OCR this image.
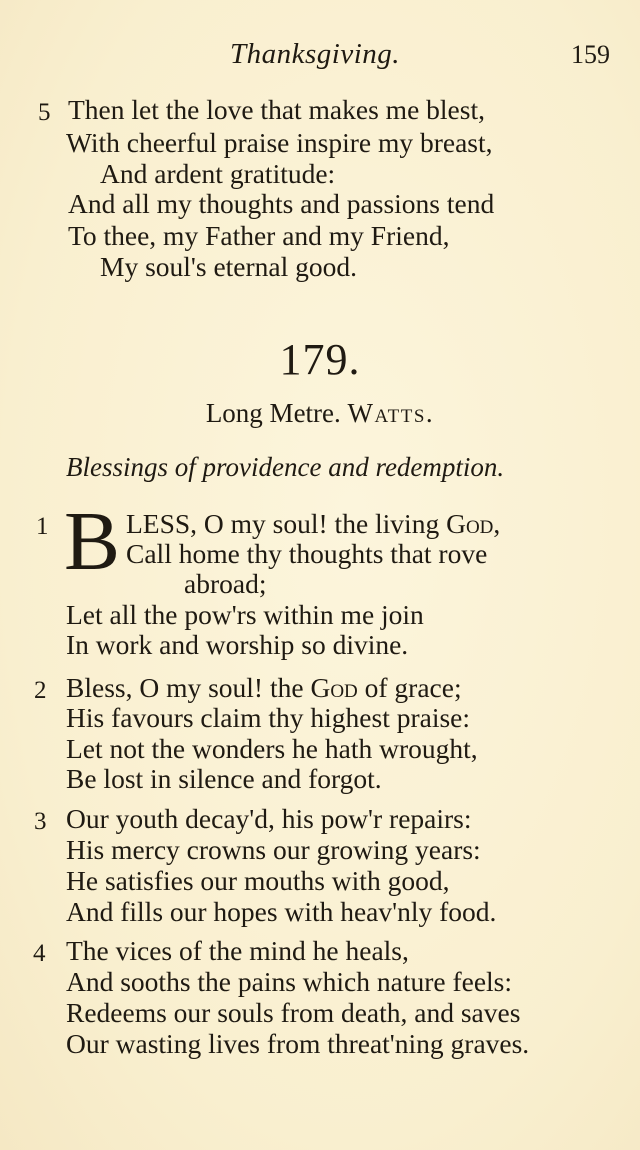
Thanksgiving.	159
5 Then let the love that makes me blest,
With cheerful praise inspire my breast,
And ardent gratitude:
And all my thoughts and passions tend
To thee, my Father and my Friend,
My soul's eternal good.
179.
Long Metre. Watts.
Blessings of providence and redemption.
1 B LESS, O my soul! the living God,
Call home thy thoughts that rove
abroad;
Let all the pow'rs within me join
In work and worship so divine.
2 Bless, O my soul! the God of grace;
His favours claim thy highest praise:
Let not the wonders he hath wrought,
Be lost in silence and forgot.
3 Our youth decay'd, his pow'r repairs:
His mercy crowns our growing years:
He satisfies our mouths with good,
And fills our hopes with heav'nly food.
4 The vices of the mind he heals,
And sooths the pains which nature feels:
Redeems our souls from death, and saves
Our wasting lives from threat'ning graves.
